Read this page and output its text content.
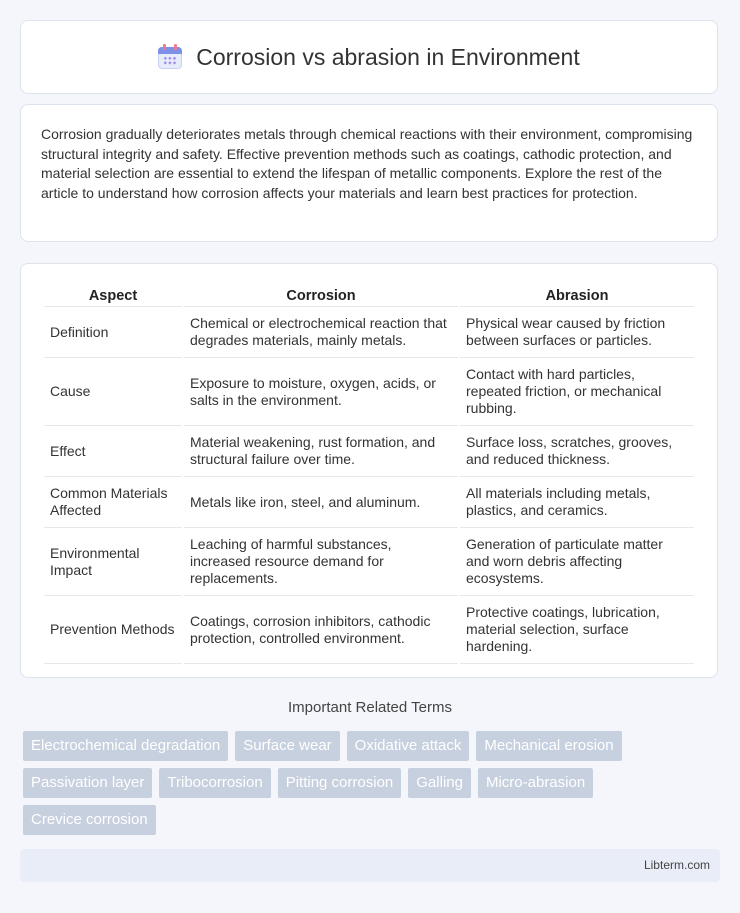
Corrosion vs abrasion in Environment

Corrosion gradually deteriorates metals through chemical reactions with their environment, compromising structural integrity and safety. Effective prevention methods such as coatings, cathodic protection, and material selection are essential to extend the lifespan of metallic components. Explore the rest of the article to understand how corrosion affects your materials and learn best practices for protection.

Aspect	Corrosion	Abrasion
Definition	Chemical or electrochemical reaction that degrades materials, mainly metals.	Physical wear caused by friction between surfaces or particles.
Cause	Exposure to moisture, oxygen, acids, or salts in the environment.	Contact with hard particles, repeated friction, or mechanical rubbing.
Effect	Material weakening, rust formation, and structural failure over time.	Surface loss, scratches, grooves, and reduced thickness.
Common Materials Affected	Metals like iron, steel, and aluminum.	All materials including metals, plastics, and ceramics.
Environmental Impact	Leaching of harmful substances, increased resource demand for replacements.	Generation of particulate matter and worn debris affecting ecosystems.
Prevention Methods	Coatings, corrosion inhibitors, cathodic protection, controlled environment.	Protective coatings, lubrication, material selection, surface hardening.
Important Related Terms
Electrochemical degradation	Surface wear	Oxidative attack	Mechanical erosion
Passivation layer	Tribocorrosion	Pitting corrosion	Galling	Micro-abrasion
Crevice corrosion
Libterm.com
